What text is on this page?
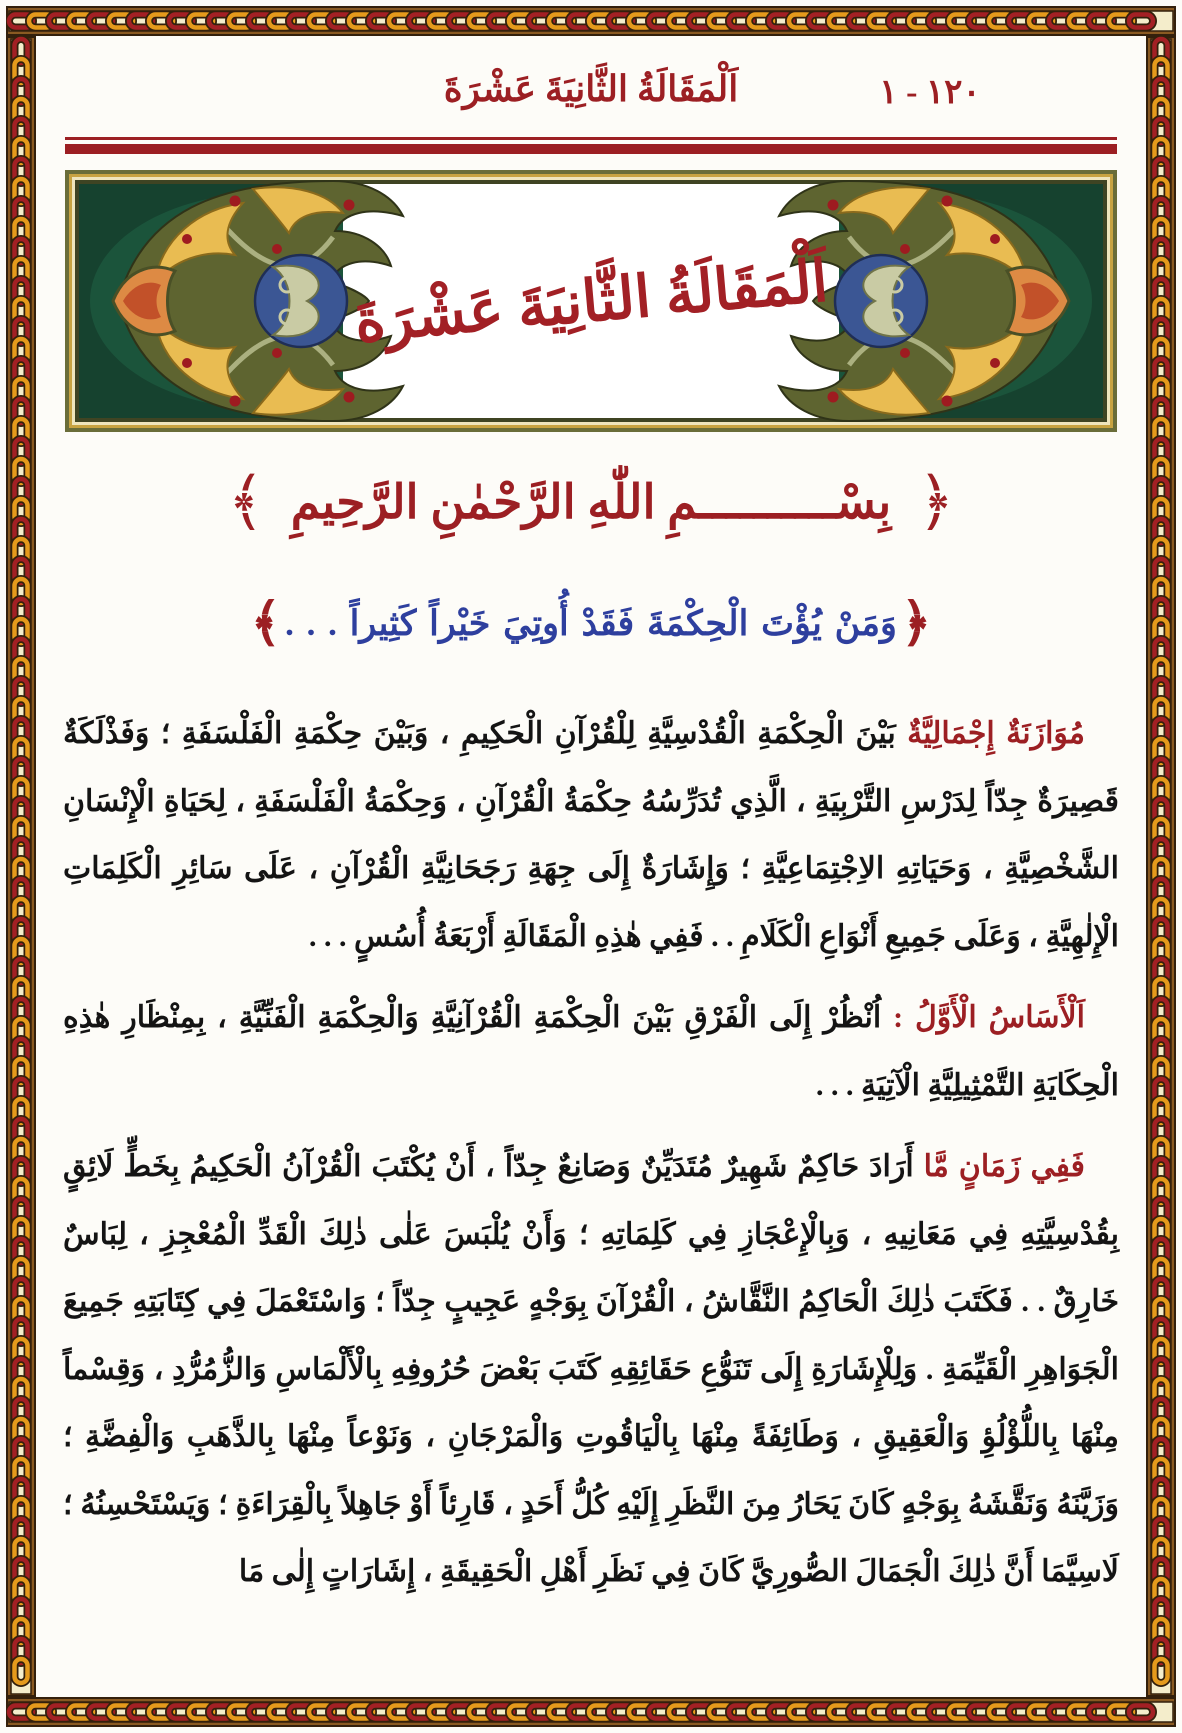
اَلْمَقَالَةُ الثَّانِيَةَ عَشْرَةَ	١٢٠ - ١
اَلْمَقَالَةُ الثَّانِيَةَ عَشْرَةَ
﴿
بِسْــــــــــمِ اللّٰهِ الرَّحْمٰنِ الرَّحِيمِ
﴾
﴿
وَمَنْ يُؤْتَ الْحِكْمَةَ فَقَدْ أُوتِيَ خَيْراً كَثِيراً . . .
﴾

مُوَازَنَةٌ إِجْمَالِيَّةٌ بَيْنَ الْحِكْمَةِ الْقُدْسِيَّةِ لِلْقُرْآنِ الْحَكِيمِ ، وَبَيْنَ حِكْمَةِ الْفَلْسَفَةِ ؛ وَفَذْلَكَةٌ قَصِيرَةٌ جِدّاً لِدَرْسِ التَّرْبِيَةِ ، الَّذِي تُدَرِّسُهُ حِكْمَةُ الْقُرْآنِ ، وَحِكْمَةُ الْفَلْسَفَةِ ، لِحَيَاةِ الْإِنْسَانِ الشَّخْصِيَّةِ ، وَحَيَاتِهِ الاِجْتِمَاعِيَّةِ ؛ وَإِشَارَةٌ إِلَى جِهَةِ رَجَحَانِيَّةِ الْقُرْآنِ ، عَلَى سَائِرِ الْكَلِمَاتِ الْإِلٰهِيَّةِ ، وَعَلَى جَمِيعِ أَنْوَاعِ الْكَلَامِ . . فَفِي هٰذِهِ الْمَقَالَةِ أَرْبَعَةُ أُسُسٍ . . .

اَلْأَسَاسُ الْأَوَّلُ : اُنْظُرْ إِلَى الْفَرْقِ بَيْنَ الْحِكْمَةِ الْقُرْآنِيَّةِ وَالْحِكْمَةِ الْفَنِّيَّةِ ، بِمِنْظَارِ هٰذِهِ الْحِكَايَةِ التَّمْثِيلِيَّةِ الْآتِيَةِ . . .

فَفِي زَمَانٍ مَّا أَرَادَ حَاكِمٌ شَهِيرٌ مُتَدَيِّنٌ وَصَانِعٌ جِدّاً ، أَنْ يُكْتَبَ الْقُرْآنُ الْحَكِيمُ بِخَطٍّ لَائِقٍ بِقُدْسِيَّتِهِ فِي مَعَانِيهِ ، وَبِالْإِعْجَازِ فِي كَلِمَاتِهِ ؛ وَأَنْ يُلْبَسَ عَلٰى ذٰلِكَ الْقَدِّ الْمُعْجِزِ ، لِبَاسٌ خَارِقٌ . . فَكَتَبَ ذٰلِكَ الْحَاكِمُ النَّقَّاشُ ، الْقُرْآنَ بِوَجْهٍ عَجِيبٍ جِدّاً ؛ وَاسْتَعْمَلَ فِي كِتَابَتِهِ جَمِيعَ الْجَوَاهِرِ الْقَيِّمَةِ . وَلِلْإِشَارَةِ إِلَى تَنَوُّعِ حَقَائِقِهِ كَتَبَ بَعْضَ حُرُوفِهِ بِالْأَلْمَاسِ وَالزُّمُرُّدِ ، وَقِسْماً مِنْهَا بِاللُّؤْلُؤِ وَالْعَقِيقِ ، وَطَائِفَةً مِنْهَا بِالْيَاقُوتِ وَالْمَرْجَانِ ، وَنَوْعاً مِنْهَا بِالذَّهَبِ وَالْفِضَّةِ ؛ وَزَيَّنَهُ وَنَقَّشَهُ بِوَجْهٍ كَانَ يَحَارُ مِنَ النَّظَرِ إِلَيْهِ كُلُّ أَحَدٍ ، قَارِئاً أَوْ جَاهِلاً بِالْقِرَاءَةِ ؛ وَيَسْتَحْسِنُهُ ؛ لَاسِيَّمَا أَنَّ ذٰلِكَ الْجَمَالَ الصُّورِيَّ كَانَ فِي نَظَرِ أَهْلِ الْحَقِيقَةِ ، إِشَارَاتٍ إِلٰى مَا
